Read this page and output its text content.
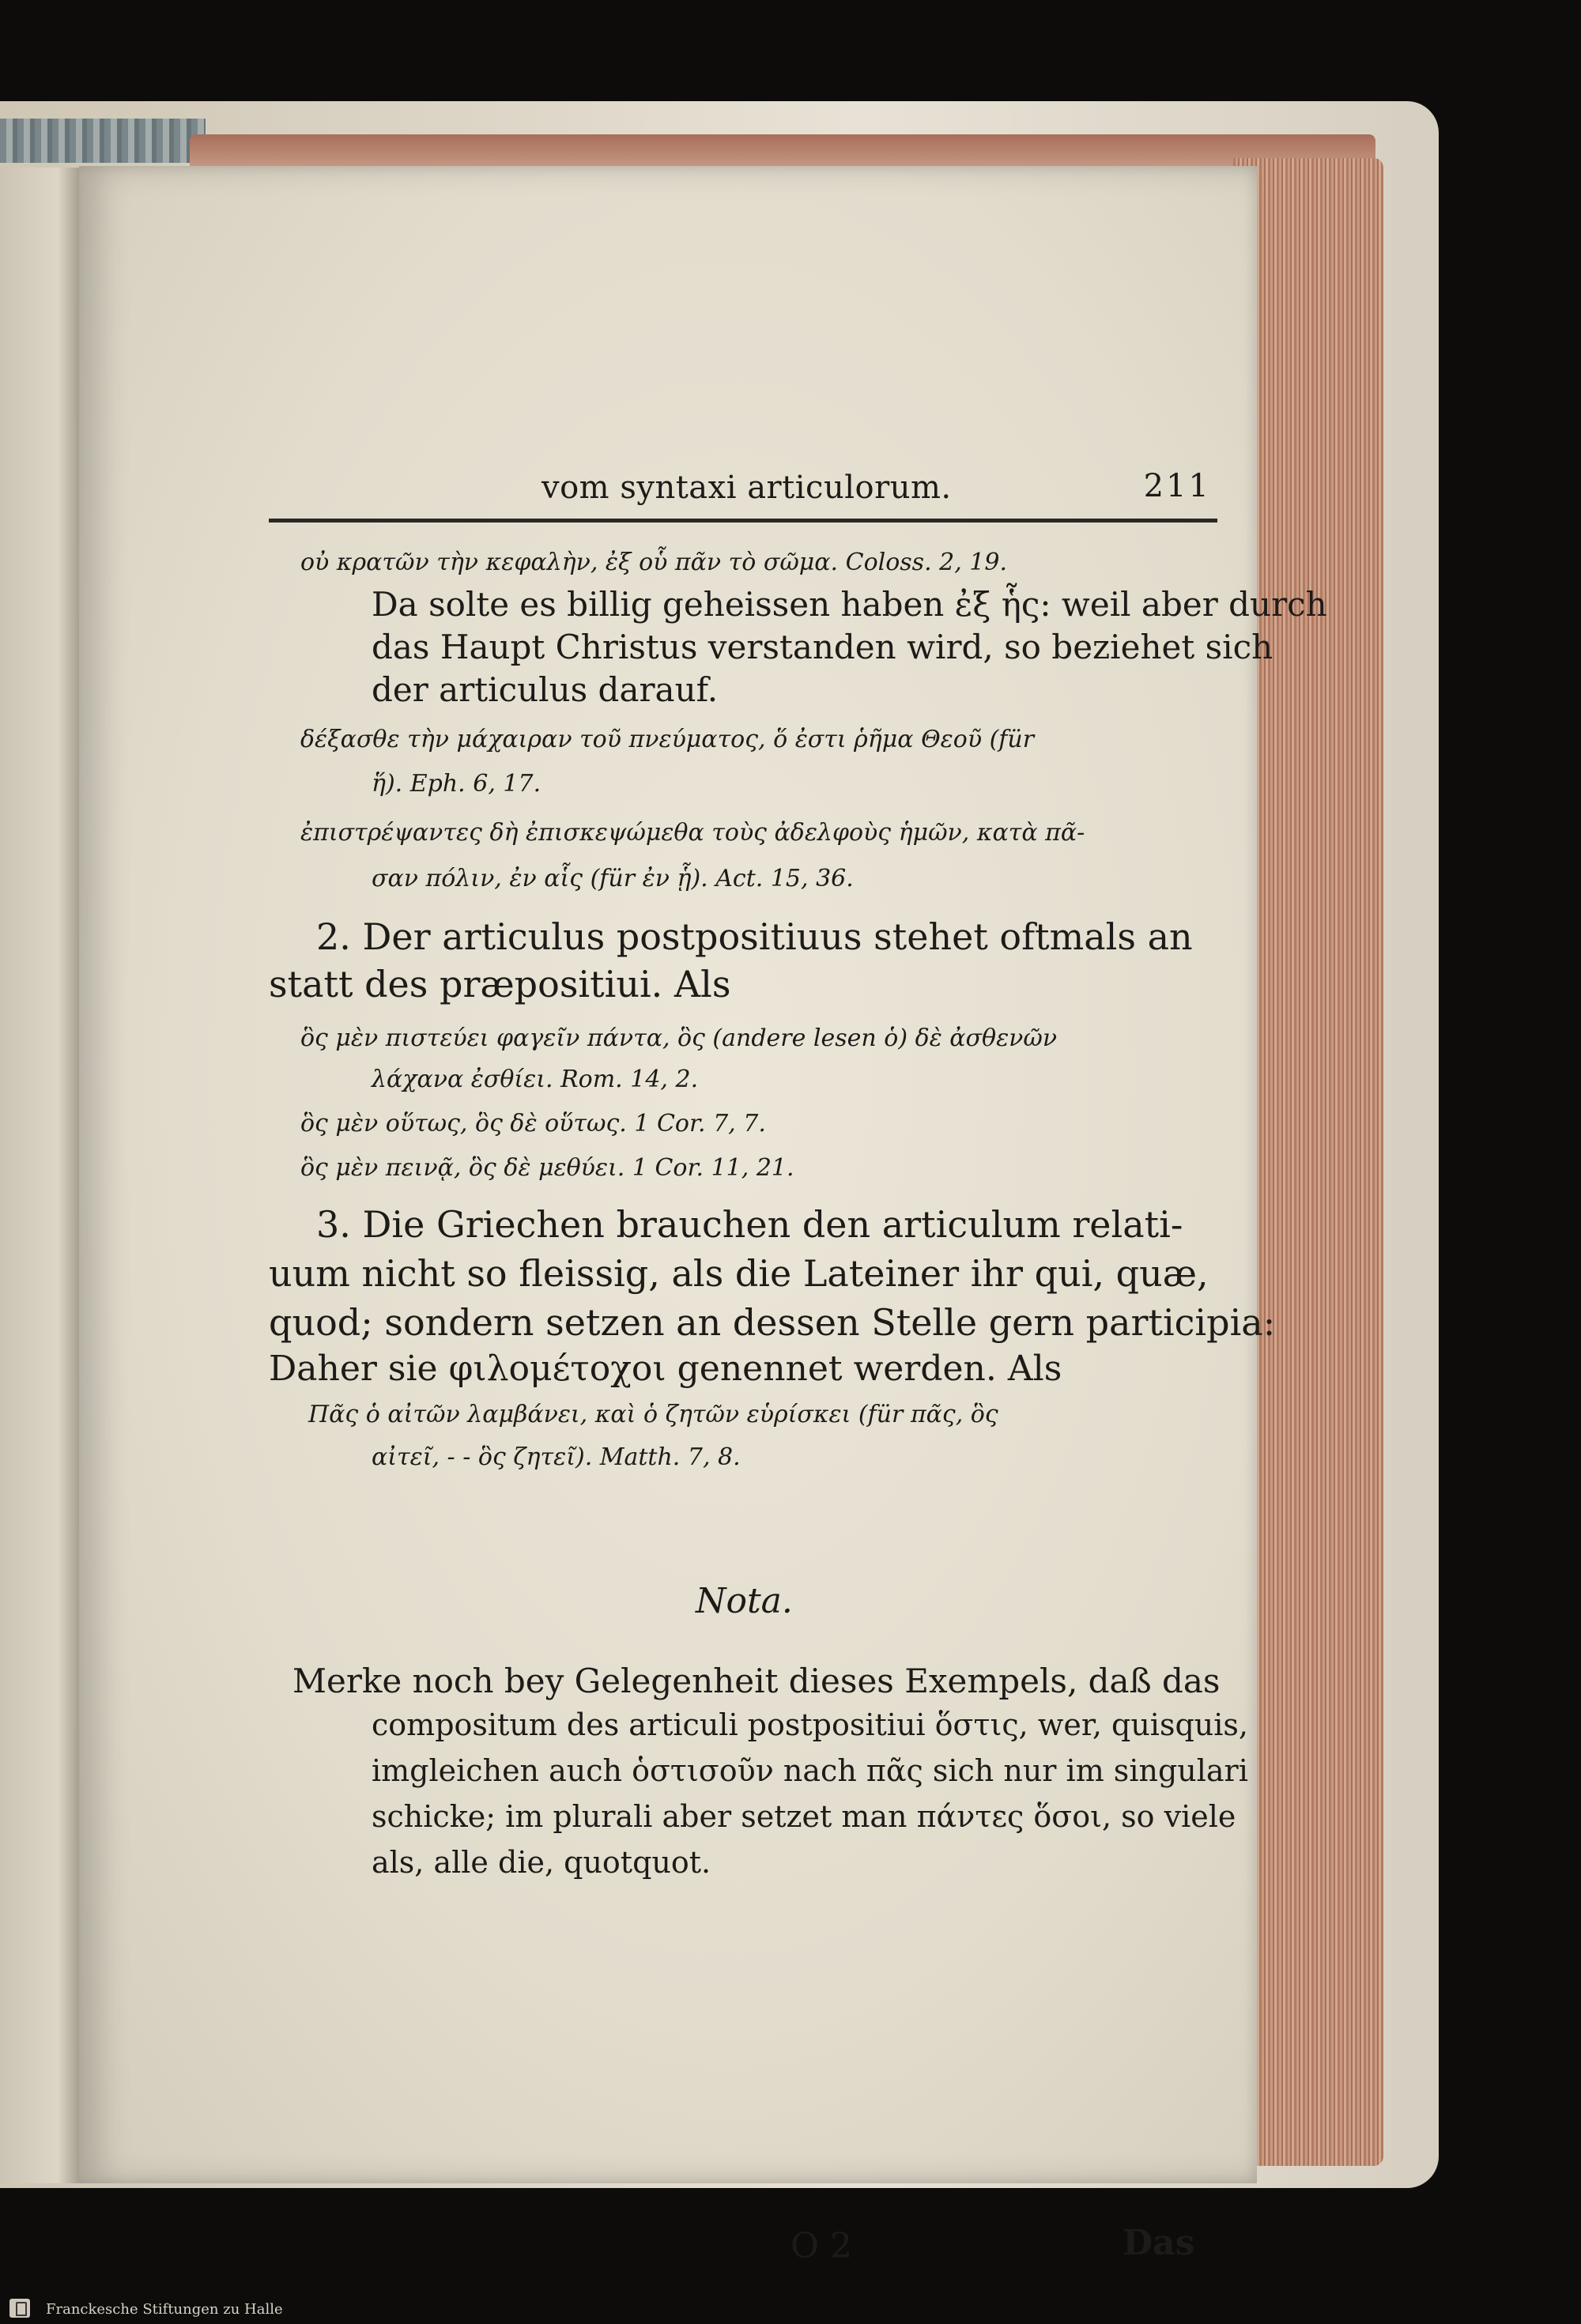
vom syntaxi articulorum.	211
οὐ κρατῶν τὴν κεφαλὴν, ἐξ οὗ πᾶν τὸ σῶμα. Coloss. 2, 19.
Da solte es billig geheissen haben ἐξ ἧς: weil aber durch
das Haupt Christus verstanden wird, so beziehet sich
der articulus darauf.
δέξασθε τὴν μάχαιραν τοῦ πνεύματος, ὅ ἐστι ῥῆμα Θεοῦ (für
ἥ). Eph. 6, 17.
ἐπιστρέψαντες δὴ ἐπισκεψώμεθα τοὺς ἀδελφοὺς ἡμῶν, κατὰ πᾶ-
σαν πόλιν, ἐν αἷς (für ἐν ᾗ). Act. 15, 36.
2. Der articulus postpositiuus stehet oftmals an
statt des præpositiui. Als
ὃς μὲν πιστεύει φαγεῖν πάντα, ὃς (andere lesen ὁ) δὲ ἀσθενῶν
λάχανα ἐσθίει. Rom. 14, 2.
ὃς μὲν οὕτως, ὃς δὲ οὕτως. 1 Cor. 7, 7.
ὃς μὲν πεινᾷ, ὃς δὲ μεθύει. 1 Cor. 11, 21.
3. Die Griechen brauchen den articulum relati-
uum nicht so fleissig, als die Lateiner ihr qui, quæ,
quod; sondern setzen an dessen Stelle gern participia:
Daher sie φιλομέτοχοι genennet werden. Als
Πᾶς ὁ αἰτῶν λαμβάνει, καὶ ὁ ζητῶν εὑρίσκει (für πᾶς, ὃς
αἰτεῖ, - - ὃς ζητεῖ). Matth. 7, 8.
Nota.
Merke noch bey Gelegenheit dieses Exempels, daß das
compositum des articuli postpositiui ὅστις, wer, quisquis,
imgleichen auch ὁστισοῦν nach πᾶς sich nur im singulari
schicke; im plurali aber setzet man πάντες ὅσοι, so viele
als, alle die, quotquot.
O 2	Das
Franckesche Stiftungen zu Halle
